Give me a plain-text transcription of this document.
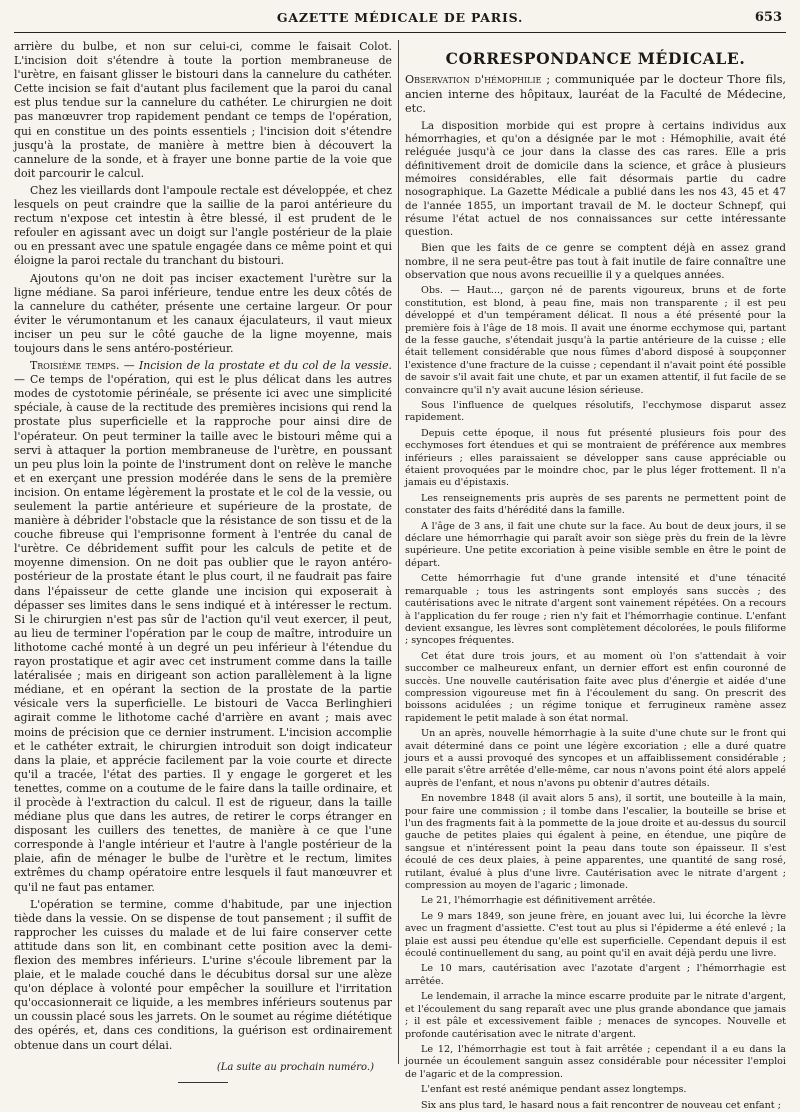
GAZETTE MÉDICALE DE PARIS.	653

arrière du bulbe, et non sur celui-ci, comme le faisait Colot. L'incision doit s'étendre à toute la portion membraneuse de l'urètre, en faisant glisser le bistouri dans la cannelure du cathéter. Cette incision se fait d'autant plus facilement que la paroi du canal est plus tendue sur la cannelure du cathéter. Le chirurgien ne doit pas manœuvrer trop rapidement pendant ce temps de l'opération, qui en constitue un des points essentiels ; l'incision doit s'étendre jusqu'à la prostate, de manière à mettre bien à découvert la cannelure de la sonde, et à frayer une bonne partie de la voie que doit parcourir le calcul.

Chez les vieillards dont l'ampoule rectale est développée, et chez lesquels on peut craindre que la saillie de la paroi antérieure du rectum n'expose cet intestin à être blessé, il est prudent de le refouler en agissant avec un doigt sur l'angle postérieur de la plaie ou en pressant avec une spatule engagée dans ce même point et qui éloigne la paroi rectale du tranchant du bistouri.

Ajoutons qu'on ne doit pas inciser exactement l'urètre sur la ligne médiane. Sa paroi inférieure, tendue entre les deux côtés de la cannelure du cathéter, présente une certaine largeur. Or pour éviter le vérumontanum et les canaux éjaculateurs, il vaut mieux inciser un peu sur le côté gauche de la ligne moyenne, mais toujours dans le sens antéro-postérieur.

Troisième temps. — Incision de la prostate et du col de la vessie. — Ce temps de l'opération, qui est le plus délicat dans les autres modes de cystotomie périnéale, se présente ici avec une simplicité spéciale, à cause de la rectitude des premières incisions qui rend la prostate plus superficielle et la rapproche pour ainsi dire de l'opérateur. On peut terminer la taille avec le bistouri même qui a servi à attaquer la portion membraneuse de l'urètre, en poussant un peu plus loin la pointe de l'instrument dont on relève le manche et en exerçant une pression modérée dans le sens de la première incision. On entame légèrement la prostate et le col de la vessie, ou seulement la partie antérieure et supérieure de la prostate, de manière à débrider l'obstacle que la résistance de son tissu et de la couche fibreuse qui l'emprisonne forment à l'entrée du canal de l'urètre. Ce débridement suffit pour les calculs de petite et de moyenne dimension. On ne doit pas oublier que le rayon antéro-postérieur de la prostate étant le plus court, il ne faudrait pas faire dans l'épaisseur de cette glande une incision qui exposerait à dépasser ses limites dans le sens indiqué et à intéresser le rectum. Si le chirurgien n'est pas sûr de l'action qu'il veut exercer, il peut, au lieu de terminer l'opération par le coup de maître, introduire un lithotome caché monté à un degré un peu inférieur à l'étendue du rayon prostatique et agir avec cet instrument comme dans la taille latéralisée ; mais en dirigeant son action parallèlement à la ligne médiane, et en opérant la section de la prostate de la partie vésicale vers la superficielle. Le bistouri de Vacca Berlinghieri agirait comme le lithotome caché d'arrière en avant ; mais avec moins de précision que ce dernier instrument. L'incision accomplie et le cathéter extrait, le chirurgien introduit son doigt indicateur dans la plaie, et apprécie facilement par la voie courte et directe qu'il a tracée, l'état des parties. Il y engage le gorgeret et les tenettes, comme on a coutume de le faire dans la taille ordinaire, et il procède à l'extraction du calcul. Il est de rigueur, dans la taille médiane plus que dans les autres, de retirer le corps étranger en disposant les cuillers des tenettes, de manière à ce que l'une corresponde à l'angle intérieur et l'autre à l'angle postérieur de la plaie, afin de ménager le bulbe de l'urètre et le rectum, limites extrêmes du champ opératoire entre lesquels il faut manœuvrer et qu'il ne faut pas entamer.

L'opération se termine, comme d'habitude, par une injection tiède dans la vessie. On se dispense de tout pansement ; il suffit de rapprocher les cuisses du malade et de lui faire conserver cette attitude dans son lit, en combinant cette position avec la demi-flexion des membres inférieurs. L'urine s'écoule librement par la plaie, et le malade couché dans le décubitus dorsal sur une alèze qu'on déplace à volonté pour empêcher la souillure et l'irritation qu'occasionnerait ce liquide, a les membres inférieurs soutenus par un coussin placé sous les jarrets. On le soumet au régime diététique des opérés, et, dans ces conditions, la guérison est ordinairement obtenue dans un court délai.

(La suite au prochain numéro.)

CORRESPONDANCE MÉDICALE.

Observation d'hémophilie ; communiquée par le docteur Thore fils, ancien interne des hôpitaux, lauréat de la Faculté de Médecine, etc.

La disposition morbide qui est propre à certains individus aux hémorrhagies, et qu'on a désignée par le mot : Hémophilie, avait été reléguée jusqu'à ce jour dans la classe des cas rares. Elle a pris définitivement droit de domicile dans la science, et grâce à plusieurs mémoires considérables, elle fait désormais partie du cadre nosographique. La Gazette Médicale a publié dans les nos 43, 45 et 47 de l'année 1855, un important travail de M. le docteur Schnepf, qui résume l'état actuel de nos connaissances sur cette intéressante question.

Bien que les faits de ce genre se comptent déjà en assez grand nombre, il ne sera peut-être pas tout à fait inutile de faire connaître une observation que nous avons recueillie il y a quelques années.

Obs. — Haut..., garçon né de parents vigoureux, bruns et de forte constitution, est blond, à peau fine, mais non transparente ; il est peu développé et d'un tempérament délicat. Il nous a été présenté pour la première fois à l'âge de 18 mois. Il avait une énorme ecchymose qui, partant de la fesse gauche, s'étendait jusqu'à la partie antérieure de la cuisse ; elle était tellement considérable que nous fûmes d'abord disposé à soupçonner l'existence d'une fracture de la cuisse ; cependant il n'avait point été possible de savoir s'il avait fait une chute, et par un examen attentif, il fut facile de se convaincre qu'il n'y avait aucune lésion sérieuse.

Sous l'influence de quelques résolutifs, l'ecchymose disparut assez rapidement.

Depuis cette époque, il nous fut présenté plusieurs fois pour des ecchymoses fort étendues et qui se montraient de préférence aux membres inférieurs ; elles paraissaient se développer sans cause appréciable ou étaient provoquées par le moindre choc, par le plus léger frottement. Il n'a jamais eu d'épistaxis.

Les renseignements pris auprès de ses parents ne permettent point de constater des faits d'hérédité dans la famille.

A l'âge de 3 ans, il fait une chute sur la face. Au bout de deux jours, il se déclare une hémorrhagie qui paraît avoir son siège près du frein de la lèvre supérieure. Une petite excoriation à peine visible semble en être le point de départ.

Cette hémorrhagie fut d'une grande intensité et d'une ténacité remarquable ; tous les astringents sont employés sans succès ; des cautérisations avec le nitrate d'argent sont vainement répétées. On a recours à l'application du fer rouge ; rien n'y fait et l'hémorrhagie continue. L'enfant devient exsangue, les lèvres sont complètement décolorées, le pouls filiforme ; syncopes fréquentes.

Cet état dure trois jours, et au moment où l'on s'attendait à voir succomber ce malheureux enfant, un dernier effort est enfin couronné de succès. Une nouvelle cautérisation faite avec plus d'énergie et aidée d'une compression vigoureuse met fin à l'écoulement du sang. On prescrit des boissons acidulées ; un régime tonique et ferrugineux ramène assez rapidement le petit malade à son état normal.

Un an après, nouvelle hémorrhagie à la suite d'une chute sur le front qui avait déterminé dans ce point une légère excoriation ; elle a duré quatre jours et a aussi provoqué des syncopes et un affaiblissement considérable ; elle parait s'être arrêtée d'elle-même, car nous n'avons point été alors appelé auprès de l'enfant, et nous n'avons pu obtenir d'autres détails.

En novembre 1848 (il avait alors 5 ans), il sortit, une bouteille à la main, pour faire une commission ; il tombe dans l'escalier, la bouteille se brise et l'un des fragments fait à la pommette de la joue droite et au-dessus du sourcil gauche de petites plaies qui égalent à peine, en étendue, une piqûre de sangsue et n'intéressent point la peau dans toute son épaisseur. Il s'est écoulé de ces deux plaies, à peine apparentes, une quantité de sang rosé, rutilant, évalué à plus d'une livre. Cautérisation avec le nitrate d'argent ; compression au moyen de l'agaric ; limonade.

Le 21, l'hémorrhagie est définitivement arrêtée.

Le 9 mars 1849, son jeune frère, en jouant avec lui, lui écorche la lèvre avec un fragment d'assiette. C'est tout au plus si l'épiderme a été enlevé ; la plaie est aussi peu étendue qu'elle est superficielle. Cependant depuis il est écoulé continuellement du sang, au point qu'il en avait déjà perdu une livre.

Le 10 mars, cautérisation avec l'azotate d'argent ; l'hémorrhagie est arrêtée.

Le lendemain, il arrache la mince escarre produite par le nitrate d'argent, et l'écoulement du sang reparaît avec une plus grande abondance que jamais ; il est pâle et excessivement faible ; menaces de syncopes. Nouvelle et profonde cautérisation avec le nitrate d'argent.

Le 12, l'hémorrhagie est tout à fait arrêtée ; cependant il a eu dans la journée un écoulement sanguin assez considérable pour nécessiter l'emploi de l'agaric et de la compression.

L'enfant est resté anémique pendant assez longtemps.

Six ans plus tard, le hasard nous a fait rencontrer de nouveau cet enfant ;
